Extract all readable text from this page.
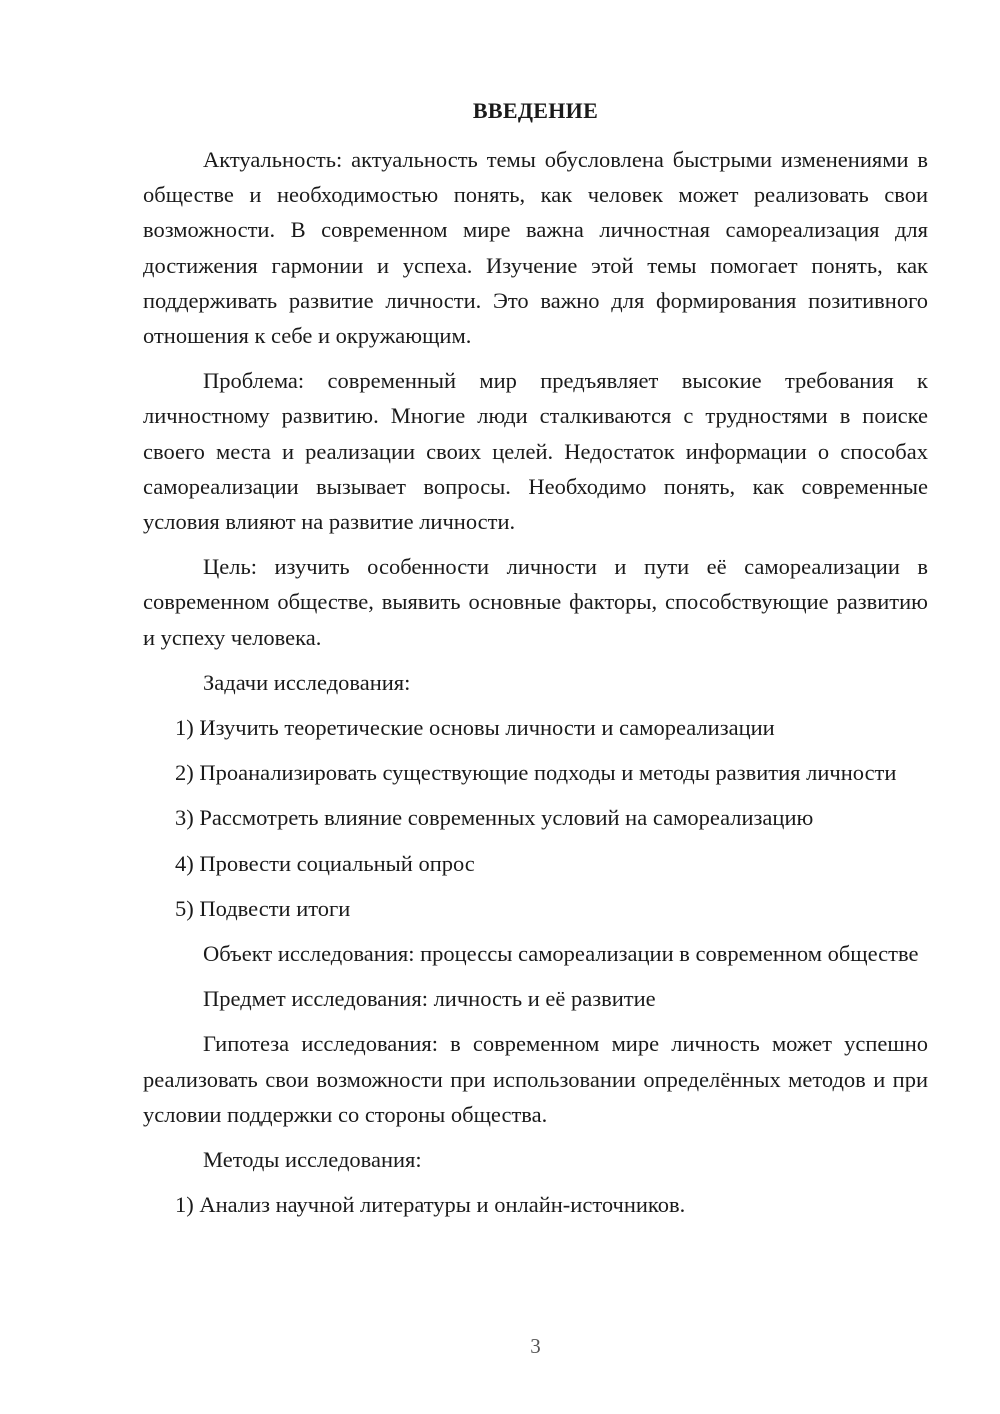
ВВЕДЕНИЕ

Актуальность: актуальность темы обусловлена быстрыми изменениями в обществе и необходимостью понять, как человек может реализовать свои возможности. В современном мире важна личностная самореализация для достижения гармонии и успеха. Изучение этой темы помогает понять, как поддерживать развитие личности. Это важно для формирования позитивного отношения к себе и окружающим.

Проблема: современный мир предъявляет высокие требования к личностному развитию. Многие люди сталкиваются с трудностями в поиске своего места и реализации своих целей. Недостаток информации о способах самореализации вызывает вопросы. Необходимо понять, как современные условия влияют на развитие личности.

Цель: изучить особенности личности и пути её самореализации в современном обществе, выявить основные факторы, способствующие развитию и успеху человека.

Задачи исследования:

1) Изучить теоретические основы личности и самореализации

2) Проанализировать существующие подходы и методы развития личности

3) Рассмотреть влияние современных условий на самореализацию

4) Провести социальный опрос

5) Подвести итоги

Объект исследования: процессы самореализации в современном обществе

Предмет исследования: личность и её развитие

Гипотеза исследования: в современном мире личность может успешно реализовать свои возможности при использовании определённых методов и при условии поддержки со стороны общества.

Методы исследования:

1) Анализ научной литературы и онлайн-источников.

3
